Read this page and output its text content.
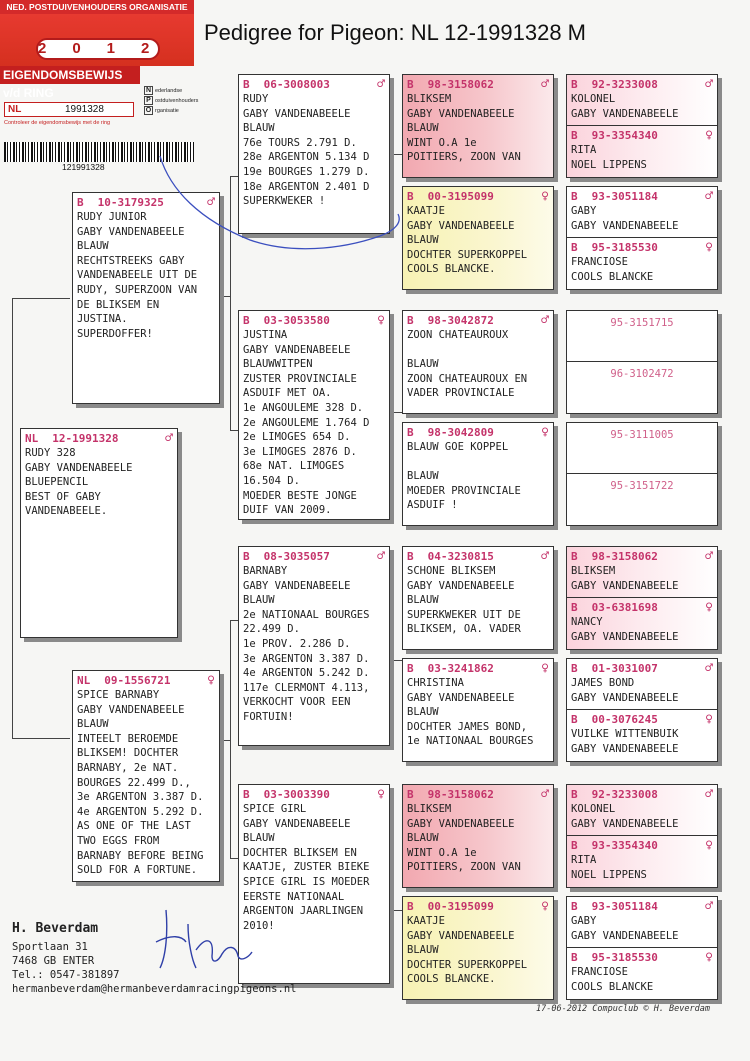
NED. POSTDUIVENHOUDERS ORGANISATIE
2012
EIGENDOMSBEWIJS v/d RING
NL	1991328
Controleer de eigendomsbewijs met de ring
N ederlandse
P ostduivenhouders
O rganisatie
121991328
Pedigree for Pigeon: NL 12-1991328 M
NL 12-1991328	♂
RUDY 328
GABY VANDENABEELE
BLUEPENCIL
BEST OF GABY
VANDENABEELE.
B 10-3179325	♂
RUDY JUNIOR
GABY VANDENABEELE
BLAUW
RECHTSTREEKS GABY
VANDENABEELE UIT DE
RUDY, SUPERZOON VAN
DE BLIKSEM EN
JUSTINA.
SUPERDOFFER!
NL 09-1556721	♀
SPICE BARNABY
GABY VANDENABEELE
BLAUW
INTEELT BEROEMDE
BLIKSEM! DOCHTER
BARNABY, 2e NAT.
BOURGES 22.499 D.,
3e ARGENTON 3.387 D.
4e ARGENTON 5.292 D.
AS ONE OF THE LAST
TWO EGGS FROM
BARNABY BEFORE BEING
SOLD FOR A FORTUNE.
B 06-3008003	♂
RUDY
GABY VANDENABEELE
BLAUW
76e TOURS 2.791 D.
28e ARGENTON 5.134 D
19e BOURGES 1.279 D.
18e ARGENTON 2.401 D
SUPERKWEKER !
B 03-3053580	♀
JUSTINA
GABY VANDENABEELE
BLAUWWITPEN
ZUSTER PROVINCIALE
ASDUIF MET OA.
1e ANGOULEME 328 D.
2e ANGOULEME 1.764 D
2e LIMOGES 654 D.
3e LIMOGES 2876 D.
68e NAT. LIMOGES
16.504 D.
MOEDER BESTE JONGE
DUIF VAN 2009.
B 08-3035057	♂
BARNABY
GABY VANDENABEELE
BLAUW
2e NATIONAAL BOURGES
22.499 D.
1e PROV. 2.286 D.
3e ARGENTON 3.387 D.
4e ARGENTON 5.242 D.
117e CLERMONT 4.113,
VERKOCHT VOOR EEN
FORTUIN!
B 03-3003390	♀
SPICE GIRL
GABY VANDENABEELE
BLAUW
DOCHTER BLIKSEM EN
KAATJE, ZUSTER BIEKE
SPICE GIRL IS MOEDER
EERSTE NATIONAAL
ARGENTON JAARLINGEN
2010!
B 98-3158062	♂
BLIKSEM
GABY VANDENABEELE
BLAUW
WINT O.A 1e
POITIERS, ZOON VAN
B 00-3195099	♀
KAATJE
GABY VANDENABEELE
BLAUW
DOCHTER SUPERKOPPEL
COOLS BLANCKE.
B 98-3042872	♂
ZOON CHATEAUROUX

BLAUW
ZOON CHATEAUROUX EN
VADER PROVINCIALE
B 98-3042809	♀
BLAUW GOE KOPPEL

BLAUW
MOEDER PROVINCIALE
ASDUIF !
B 04-3230815	♂
SCHONE BLIKSEM
GABY VANDENABEELE
BLAUW
SUPERKWEKER UIT DE
BLIKSEM, OA. VADER
B 03-3241862	♀
CHRISTINA
GABY VANDENABEELE
BLAUW
DOCHTER JAMES BOND,
1e NATIONAAL BOURGES
B 98-3158062	♂
BLIKSEM
GABY VANDENABEELE
BLAUW
WINT O.A 1e
POITIERS, ZOON VAN
B 00-3195099	♀
KAATJE
GABY VANDENABEELE
BLAUW
DOCHTER SUPERKOPPEL
COOLS BLANCKE.
B 92-3233008	♂
KOLONEL
GABY VANDENABEELE
B 93-3354340	♀
RITA
NOEL LIPPENS
B 93-3051184	♂
GABY
GABY VANDENABEELE
B 95-3185530	♀
FRANCIOSE
COOLS BLANCKE
95-3151715
96-3102472
95-3111005
95-3151722
B 98-3158062	♂
BLIKSEM
GABY VANDENABEELE
B 03-6381698	♀
NANCY
GABY VANDENABEELE
B 01-3031007	♂
JAMES BOND
GABY VANDENABEELE
B 00-3076245	♀
VUILKE WITTENBUIK
GABY VANDENABEELE
B 92-3233008	♂
KOLONEL
GABY VANDENABEELE
B 93-3354340	♀
RITA
NOEL LIPPENS
B 93-3051184	♂
GABY
GABY VANDENABEELE
B 95-3185530	♀
FRANCIOSE
COOLS BLANCKE
H. Beverdam
Sportlaan 31
7468 GB ENTER
Tel.: 0547-381897
hermanbeverdam@hermanbeverdamracingpigeons.nl
17-06-2012 Compuclub © H. Beverdam
